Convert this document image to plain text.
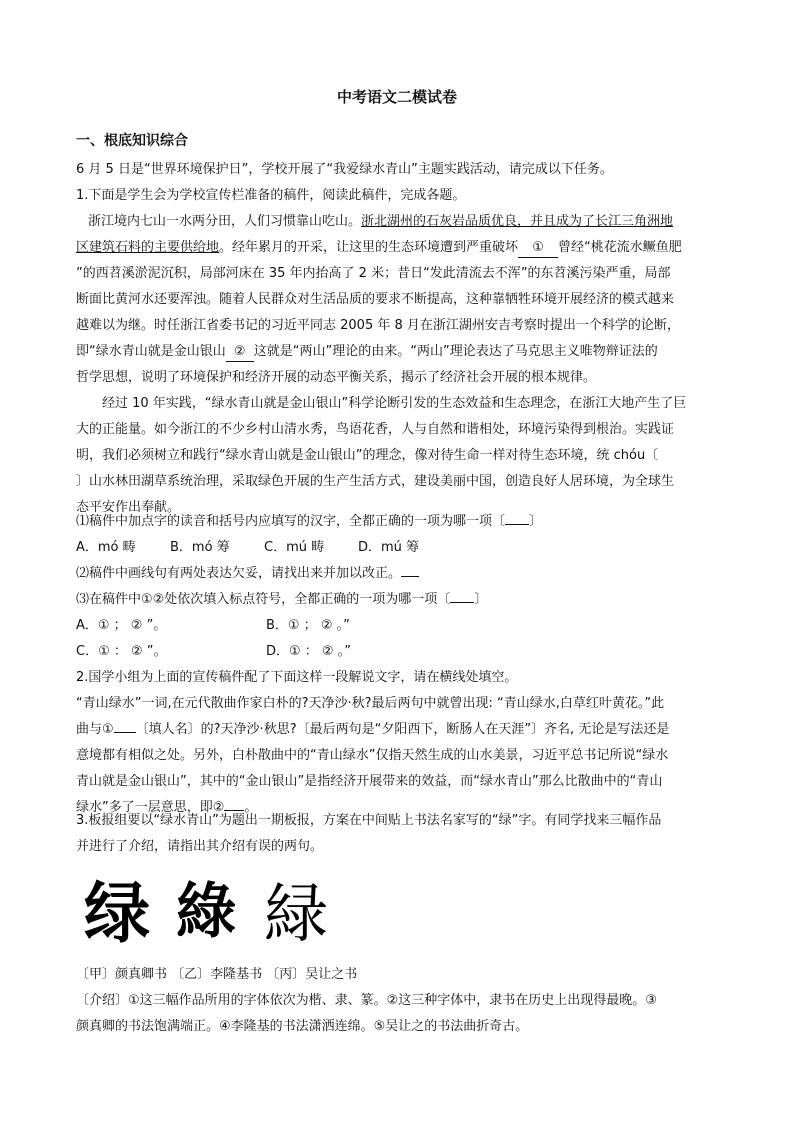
中考语文二模试卷
一、根底知识综合
6 月 5 日是“世界环境保护日”，学校开展了“我爱绿水青山”主题实践活动，请完成以下任务。
1.下面是学生会为学校宣传栏准备的稿件，阅读此稿件，完成各题。
浙江境内七山一水两分田，人们习惯靠山吃山。浙北湖州的石灰岩品质优良，并且成为了长江三角洲地
区建筑石料的主要供给地。经年累月的开采，让这里的生态环境遭到严重破坏 ① 曾经“桃花流水鳜鱼肥
”的西苕溪淤泥沉积，局部河床在 35 年内抬高了 2 米；昔日“发此清流去不浑”的东苕溪污染严重，局部
断面比黄河水还要浑浊。随着人民群众对生活品质的要求不断提高，这种靠牺牲环境开展经济的模式越来
越难以为继。时任浙江省委书记的习近平同志 2005 年 8 月在浙江湖州安吉考察时提出一个科学的论断，
即“绿水青山就是金山银山 ② 这就是“两山”理论的由来。“两山”理论表达了马克思主义唯物辩证法的
哲学思想，说明了环境保护和经济开展的动态平衡关系，揭示了经济社会开展的根本规律。
经过 10 年实践，“绿水青山就是金山银山”科学论断引发的生态效益和生态理念，在浙江大地产生了巨
大的正能量。如今浙江的不少乡村山清水秀，鸟语花香，人与自然和谐相处，环境污染得到根治。实践证
明，我们必须树立和践行“绿水青山就是金山银山”的理念，像对待生命一样对待生态环境，统 chóu〔
〕山水林田湖草系统治理，采取绿色开展的生产生活方式，建设美丽中国，创造良好人居环境，为全球生
态平安作出奉献。
⑴稿件中加点字的读音和括号内应填写的汉字，全都正确的一项为哪一项〔 〕
A．mó 畴	B．mó 筹	C．mú 畴	D．mú 筹
⑵稿件中画线句有两处表达欠妥，请找出来并加以改正。
⑶在稿件中①②处依次填入标点符号，全都正确的一项为哪一项〔 〕
A．① ； ② ”。	B．① ； ② 。”
C．① ： ② ”。	D．① ： ② 。”
2.国学小组为上面的宣传稿件配了下面这样一段解说文字，请在横线处填空。
“青山绿水”一词,在元代散曲作家白朴的?天净沙·秋?最后两句中就曾出现: “青山绿水,白草红叶黄花。”此
曲与① 〔填人名〕的?天净沙·秋思?〔最后两句是“夕阳西下，断肠人在天涯”〕齐名, 无论是写法还是
意境都有相似之处。另外，白朴散曲中的“青山绿水”仅指天然生成的山水美景，习近平总书记所说“绿水
青山就是金山银山”，其中的“金山银山”是指经济开展带来的效益，而“绿水青山”那么比散曲中的“青山
绿水”多了一层意思，即② 。
3.板报组要以“绿水青山”为题出一期板报，方案在中间贴上书法名家写的“绿”字。有同学找来三幅作品
并进行了介绍，请指出其介绍有误的两句。
绿 綠 緑
〔甲〕颜真卿书 〔乙〕李隆基书 〔丙〕吴让之书
〔介绍〕①这三幅作品所用的字体依次为楷、隶、篆。②这三种字体中，隶书在历史上出现得最晚。③
颜真卿的书法饱满端正。④李隆基的书法潇洒连绵。⑤吴让之的书法曲折奇古。
